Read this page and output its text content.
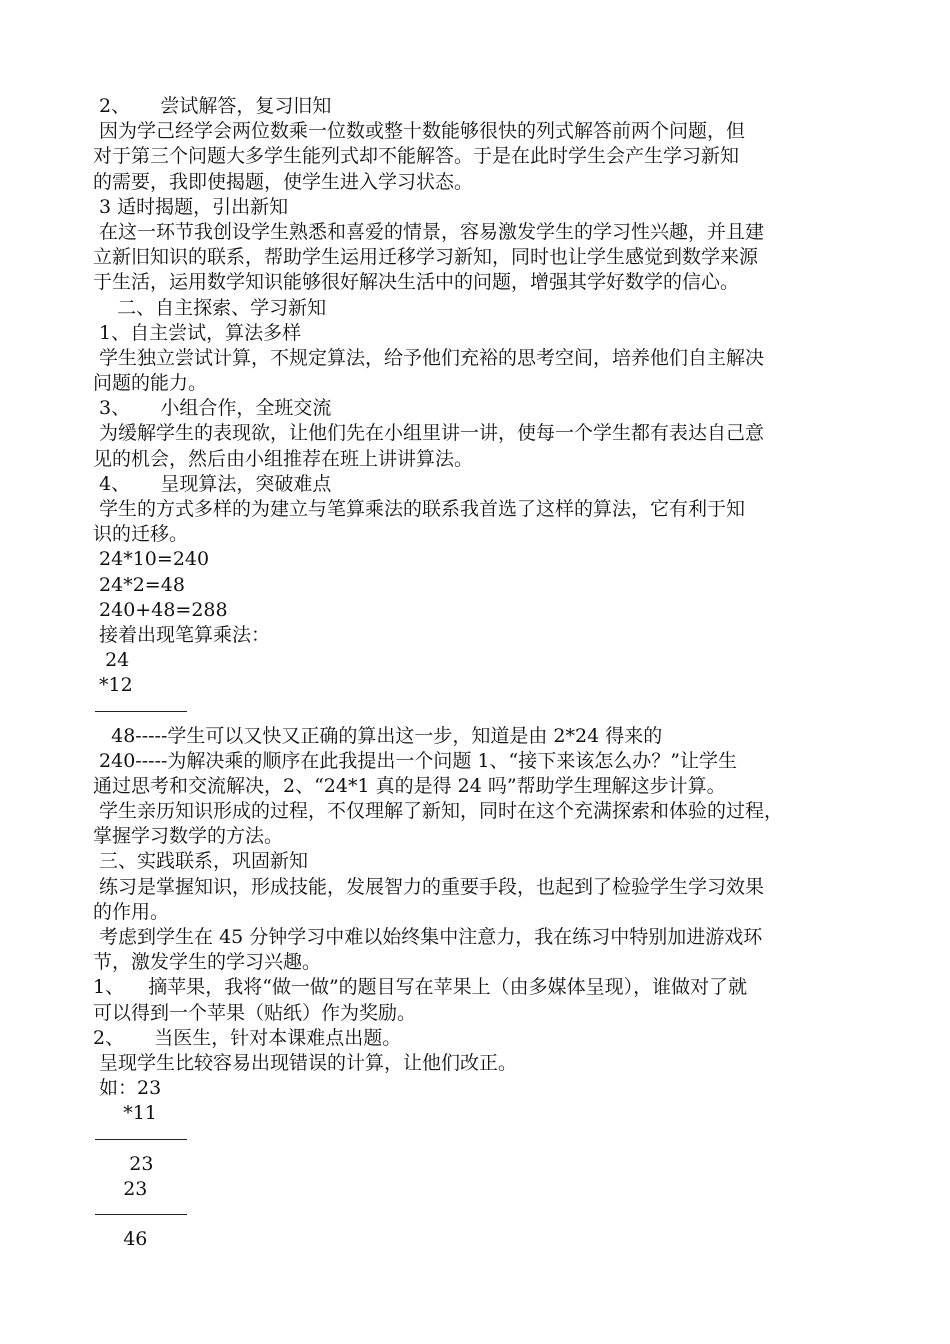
2、     尝试解答，复习旧知
因为学己经学会两位数乘一位数或整十数能够很快的列式解答前两个问题，但
对于第三个问题大多学生能列式却不能解答。于是在此时学生会产生学习新知
的需要，我即使揭题，使学生进入学习状态。
3 适时揭题，引出新知
在这一环节我创设学生熟悉和喜爱的情景，容易激发学生的学习性兴趣，并且建
立新旧知识的联系，帮助学生运用迁移学习新知，同时也让学生感觉到数学来源
于生活，运用数学知识能够很好解决生活中的问题，增强其学好数学的信心。
二、自主探索、学习新知
1、自主尝试，算法多样
学生独立尝试计算，不规定算法，给予他们充裕的思考空间，培养他们自主解决
问题的能力。
3、     小组合作，全班交流
为缓解学生的表现欲，让他们先在小组里讲一讲，使每一个学生都有表达自己意
见的机会，然后由小组推荐在班上讲讲算法。
4、     呈现算法，突破难点
学生的方式多样的为建立与笔算乘法的联系我首选了这样的算法，它有利于知
识的迁移。
24*10=240
24*2=48
240+48=288
接着出现笔算乘法：
24
*12
48-----学生可以又快又正确的算出这一步，知道是由 2*24 得来的
240-----为解决乘的顺序在此我提出一个问题 1、“接下来该怎么办？”让学生
通过思考和交流解决，2、“24*1 真的是得 24 吗”帮助学生理解这步计算。
学生亲历知识形成的过程，不仅理解了新知，同时在这个充满探索和体验的过程，
掌握学习数学的方法。
三、实践联系，巩固新知
练习是掌握知识，形成技能，发展智力的重要手段，也起到了检验学生学习效果
的作用。
考虑到学生在 45 分钟学习中难以始终集中注意力，我在练习中特别加进游戏环
节，激发学生的学习兴趣。
1、    摘苹果，我将“做一做”的题目写在苹果上（由多媒体呈现），谁做对了就
可以得到一个苹果（贴纸）作为奖励。
2、     当医生，针对本课难点出题。
呈现学生比较容易出现错误的计算，让他们改正。
如：23
*11
23
23
46
